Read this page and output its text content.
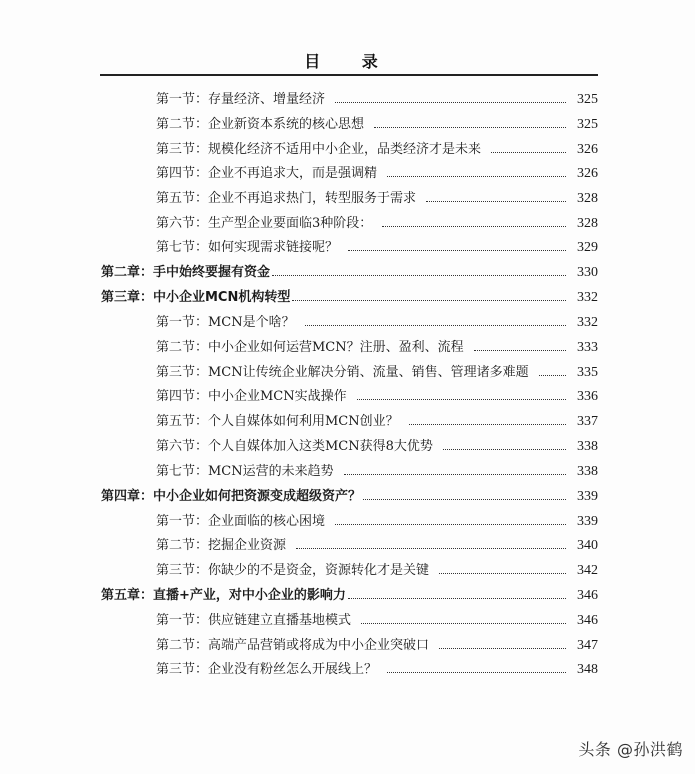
目 录
第一节：存量经济、增量经济	325
第二节：企业新资本系统的核心思想	325
第三节：规模化经济不适用中小企业，品类经济才是未来	326
第四节：企业不再追求大，而是强调精	326
第五节：企业不再追求热门，转型服务于需求	328
第六节：生产型企业要面临3种阶段：	328
第七节：如何实现需求链接呢？	329
第二章：手中始终要握有资金	330
第三章：中小企业MCN机构转型	332
第一节：MCN是个啥？	332
第二节：中小企业如何运营MCN？注册、盈利、流程	333
第三节：MCN让传统企业解决分销、流量、销售、管理诸多难题	335
第四节：中小企业MCN实战操作	336
第五节：个人自媒体如何利用MCN创业？	337
第六节：个人自媒体加入这类MCN获得8大优势	338
第七节：MCN运营的未来趋势	338
第四章：中小企业如何把资源变成超级资产？	339
第一节：企业面临的核心困境	339
第二节：挖掘企业资源	340
第三节：你缺少的不是资金，资源转化才是关键	342
第五章：直播+产业，对中小企业的影响力	346
第一节：供应链建立直播基地模式	346
第二节：高端产品营销或将成为中小企业突破口	347
第三节：企业没有粉丝怎么开展线上？	348
头条 @孙洪鹤
